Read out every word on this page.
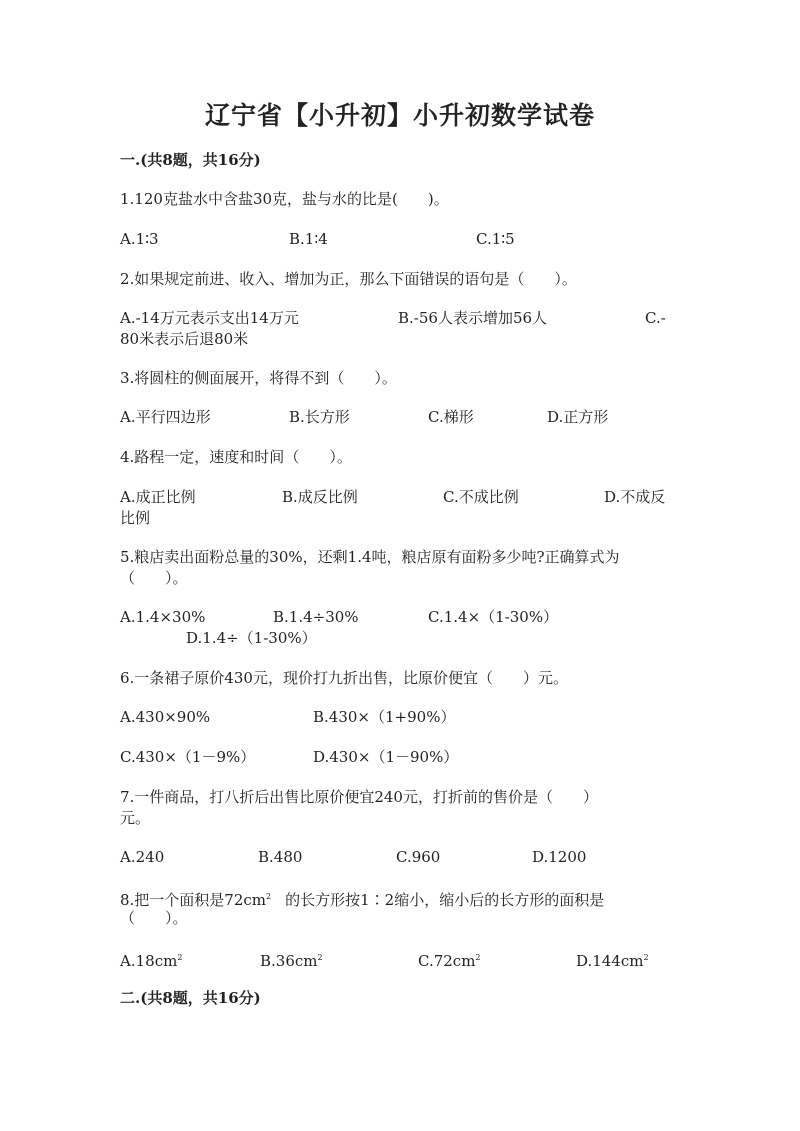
辽宁省【小升初】小升初数学试卷
一.(共8题，共16分)
1.120克盐水中含盐30克，盐与水的比是(　　)。
A.1∶3	B.1∶4	C.1∶5
2.如果规定前进、收入、增加为正，那么下面错误的语句是（　　）。
A.-14万元表示支出14万元	B.-56人表示增加56人	C.-
80米表示后退80米
3.将圆柱的侧面展开，将得不到（　　）。
A.平行四边形	B.长方形	C.梯形	D.正方形
4.路程一定，速度和时间（　　）。
A.成正比例	B.成反比例	C.不成比例	D.不成反
比例
5.粮店卖出面粉总量的30%，还剩1.4吨，粮店原有面粉多少吨?正确算式为
（　　）。
A.1.4×30%	B.1.4÷30%	C.1.4×（1-30%）
D.1.4÷（1-30%）
6.一条裙子原价430元，现价打九折出售，比原价便宜（　　）元。
A.430×90%	B.430×（1+90%）
C.430×（1－9%）	D.430×（1－90%）
7.一件商品，打八折后出售比原价便宜240元，打折前的售价是（　　）
元。
A.240	B.480	C.960	D.1200
8.把一个面积是$72cm^2$ 的长方形按1∶2缩小，缩小后的长方形的面积是
（　　）。
$A.18cm^2$	$B.36cm^2$	$C.72cm^2$	$D.144cm^2$
二.(共8题，共16分)
